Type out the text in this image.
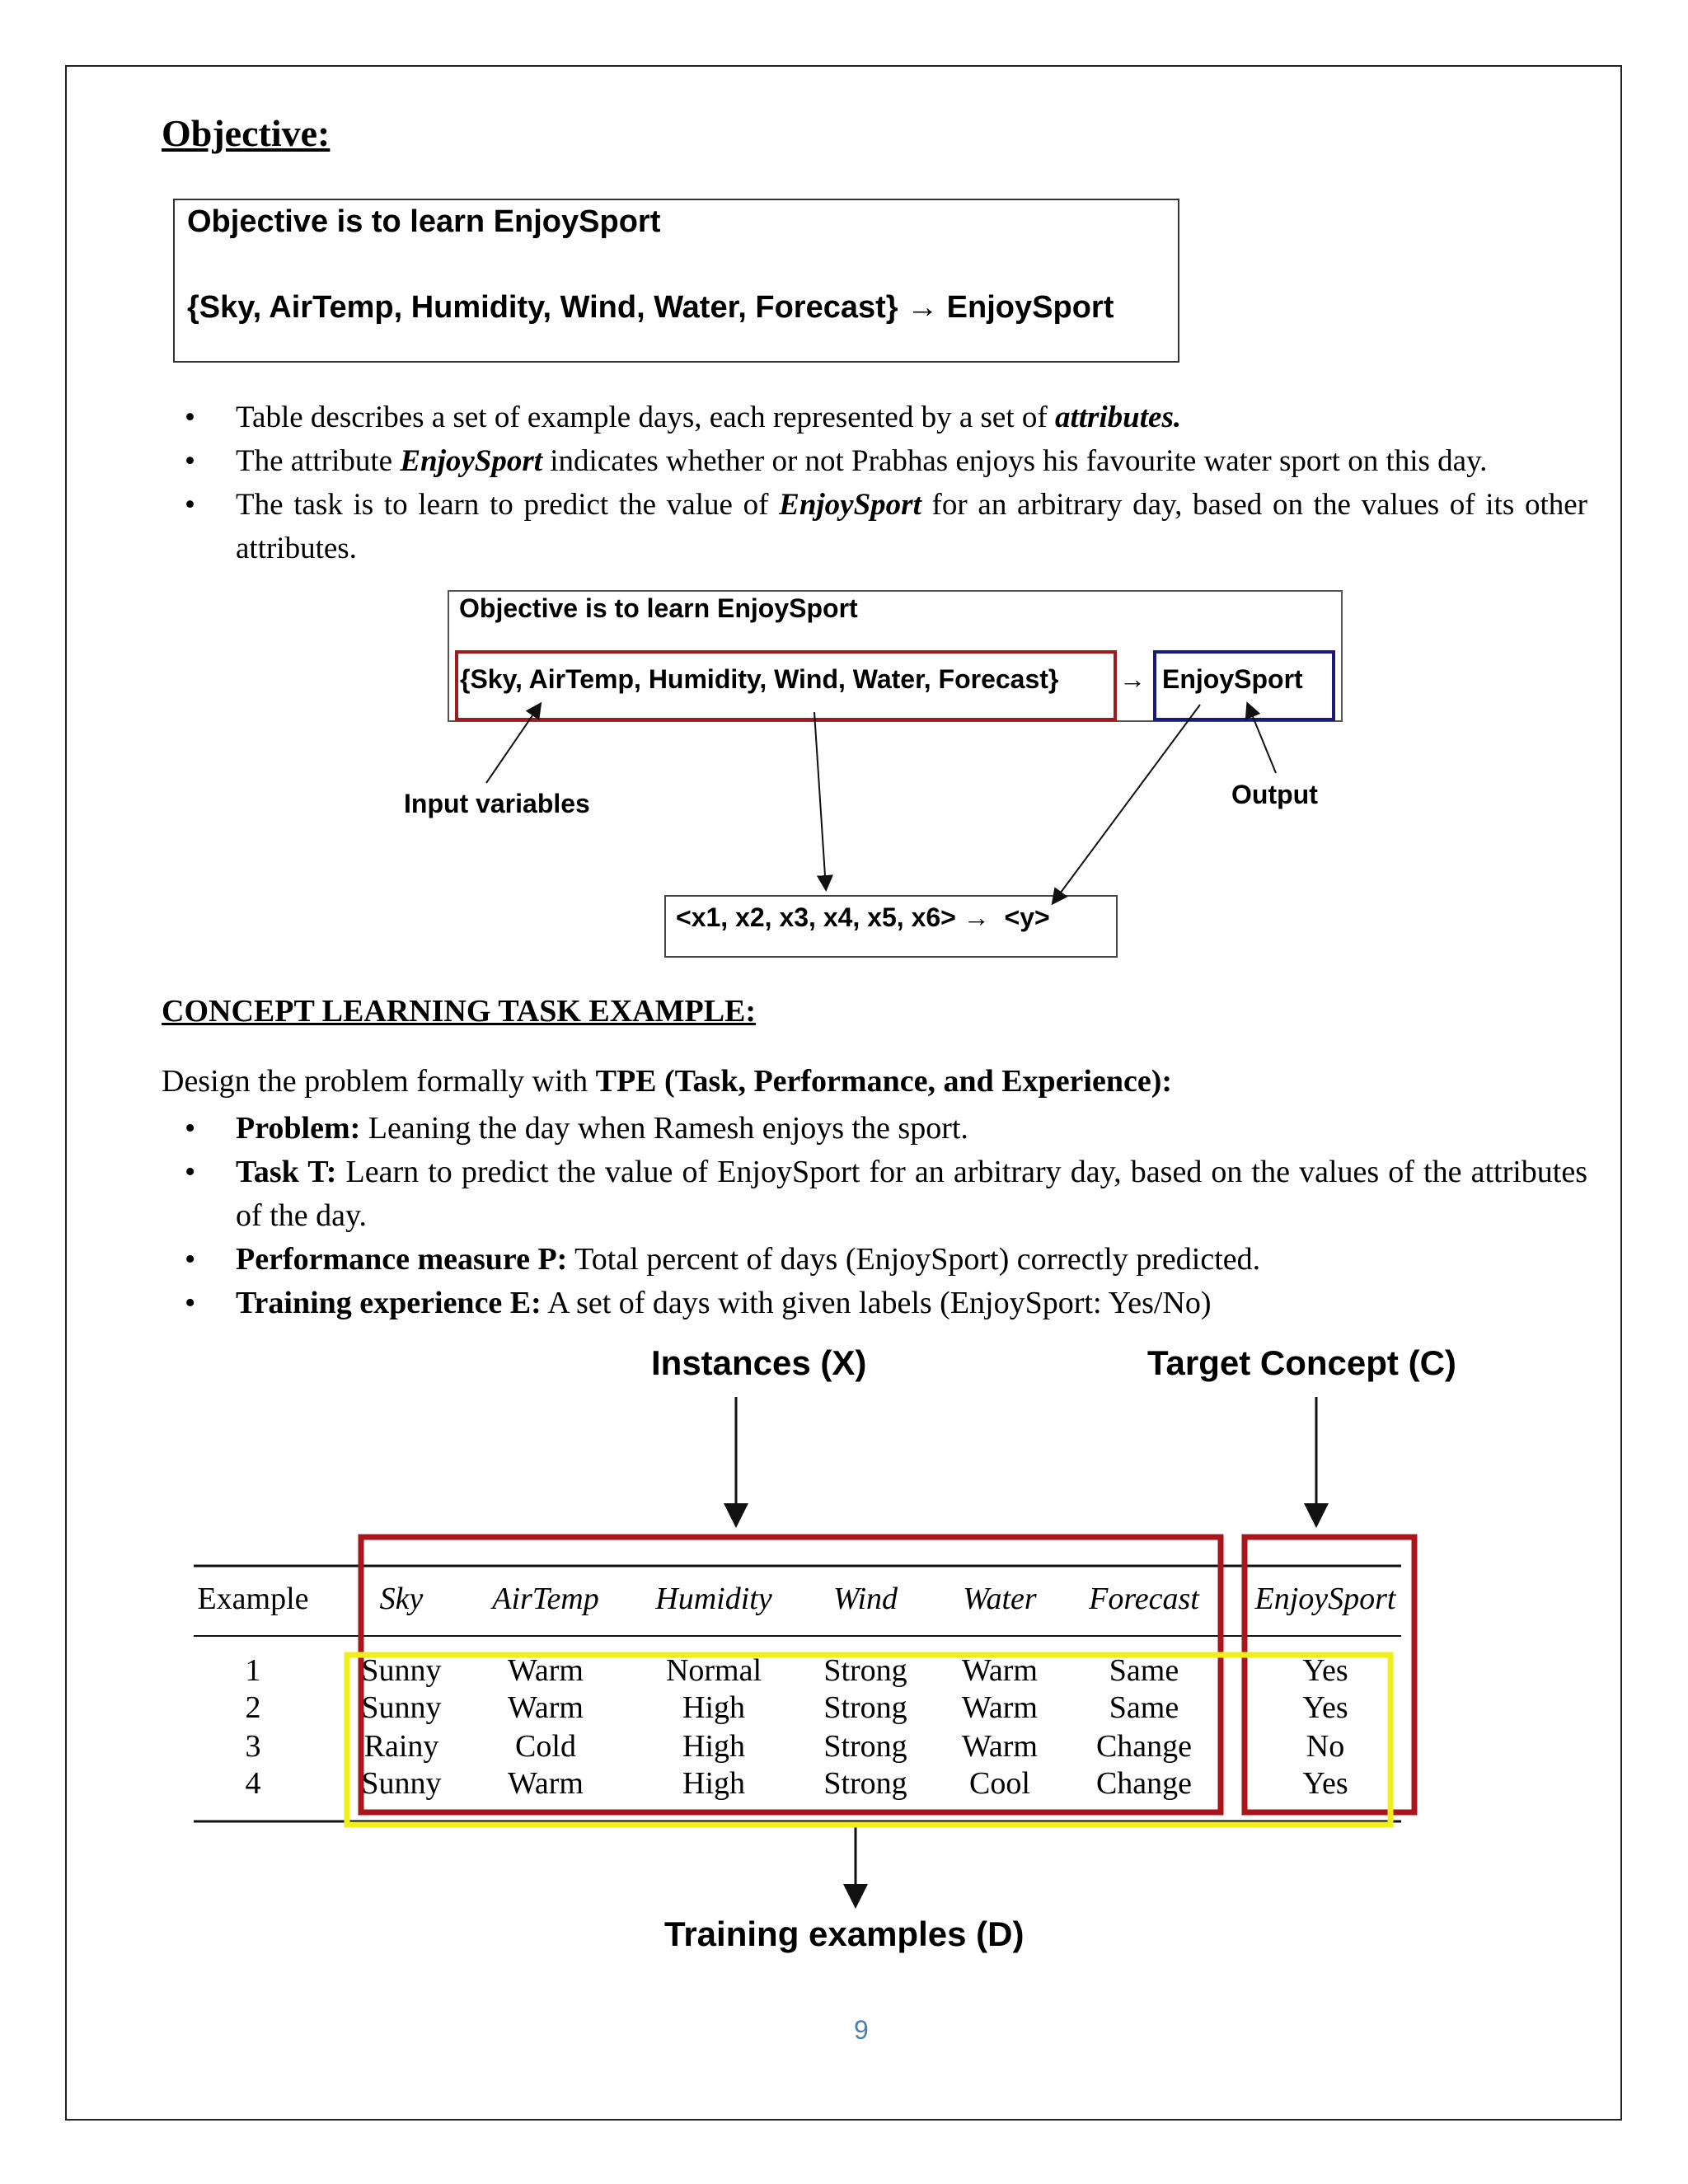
Objective:
Objective is to learn EnjoySport
{Sky, AirTemp, Humidity, Wind, Water, Forecast} → EnjoySport
• Table describes a set of example days, each represented by a set of attributes.
• The attribute EnjoySport indicates whether or not Prabhas enjoys his favourite water sport on this day.
• The task is to learn to predict the value of EnjoySport for an arbitrary day, based on the values of its other attributes.
Objective is to learn EnjoySport
{Sky, AirTemp, Humidity, Wind, Water, Forecast} → EnjoySport
Input variables	Output
<x1, x2, x3, x4, x5, x6> →  <y>
CONCEPT LEARNING TASK EXAMPLE:
Design the problem formally with TPE (Task, Performance, and Experience):
• Problem: Leaning the day when Ramesh enjoys the sport.
• Task T: Learn to predict the value of EnjoySport for an arbitrary day, based on the values of the attributes of the day.
• Performance measure P: Total percent of days (EnjoySport) correctly predicted.
• Training experience E: A set of days with given labels (EnjoySport: Yes/No)
Instances (X)	Target Concept (C)
Training examples (D)
Example	Sky	AirTemp	Humidity	Wind	Water	Forecast	EnjoySport
1	Sunny	Warm	Normal	Strong	Warm	Same	Yes
2	Sunny	Warm	High	Strong	Warm	Same	Yes
3	Rainy	Cold	High	Strong	Warm	Change	No
4	Sunny	Warm	High	Strong	Cool	Change	Yes
9
